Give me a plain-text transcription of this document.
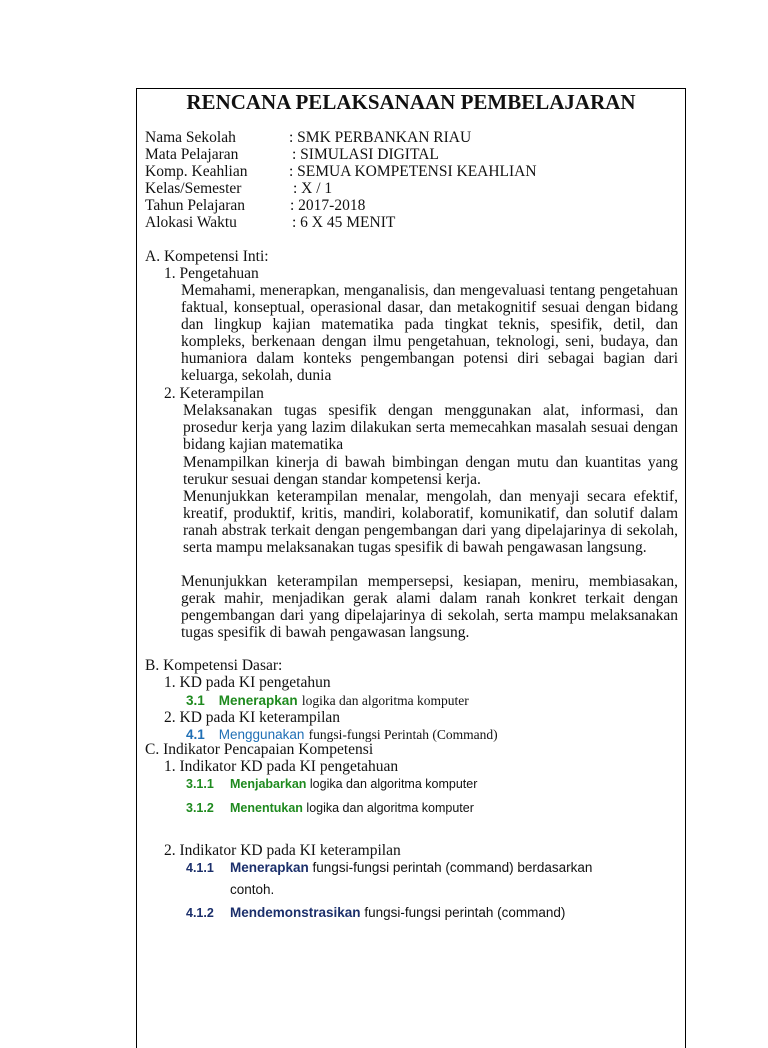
RENCANA PELAKSANAAN PEMBELAJARAN
Nama Sekolah	: SMK PERBANKAN RIAU
Mata Pelajaran	: SIMULASI DIGITAL
Komp. Keahlian	: SEMUA KOMPETENSI KEAHLIAN
Kelas/Semester	: X / 1
Tahun Pelajaran	: 2017-2018
Alokasi Waktu	: 6 X 45 MENIT
A. Kompetensi Inti:
1. Pengetahuan
Memahami, menerapkan, menganalisis, dan mengevaluasi tentang pengetahuan faktual, konseptual, operasional dasar, dan metakognitif sesuai dengan bidang dan lingkup kajian matematika pada tingkat teknis, spesifik, detil, dan kompleks, berkenaan dengan ilmu pengetahuan, teknologi, seni, budaya, dan humaniora dalam konteks pengembangan potensi diri sebagai bagian dari keluarga, sekolah, dunia
2. Keterampilan
Melaksanakan tugas spesifik dengan menggunakan alat, informasi, dan prosedur kerja yang lazim dilakukan serta memecahkan masalah sesuai dengan bidang kajian matematika
Menampilkan kinerja di bawah bimbingan dengan mutu dan kuantitas yang terukur sesuai dengan standar kompetensi kerja.
Menunjukkan keterampilan menalar, mengolah, dan menyaji secara efektif, kreatif, produktif, kritis, mandiri, kolaboratif, komunikatif, dan solutif dalam ranah abstrak terkait dengan pengembangan dari yang dipelajarinya di sekolah, serta mampu melaksanakan tugas spesifik di bawah pengawasan langsung.
Menunjukkan keterampilan mempersepsi, kesiapan, meniru, membiasakan, gerak mahir, menjadikan gerak alami dalam ranah konkret terkait dengan pengembangan dari yang dipelajarinya di sekolah, serta mampu melaksanakan tugas spesifik di bawah pengawasan langsung.
B. Kompetensi Dasar:
1. KD pada KI pengetahun
3.1 Menerapkan logika dan algoritma komputer
2. KD pada KI keterampilan
4.1 Menggunakan fungsi-fungsi Perintah (Command)
C. Indikator Pencapaian Kompetensi
1. Indikator KD pada KI pengetahuan
3.1.1 Menjabarkan logika dan algoritma komputer
3.1.2 Menentukan logika dan algoritma komputer
2. Indikator KD pada KI keterampilan
4.1.1 Menerapkan fungsi-fungsi perintah (command) berdasarkan
contoh.
4.1.2 Mendemonstrasikan fungsi-fungsi perintah (command)
